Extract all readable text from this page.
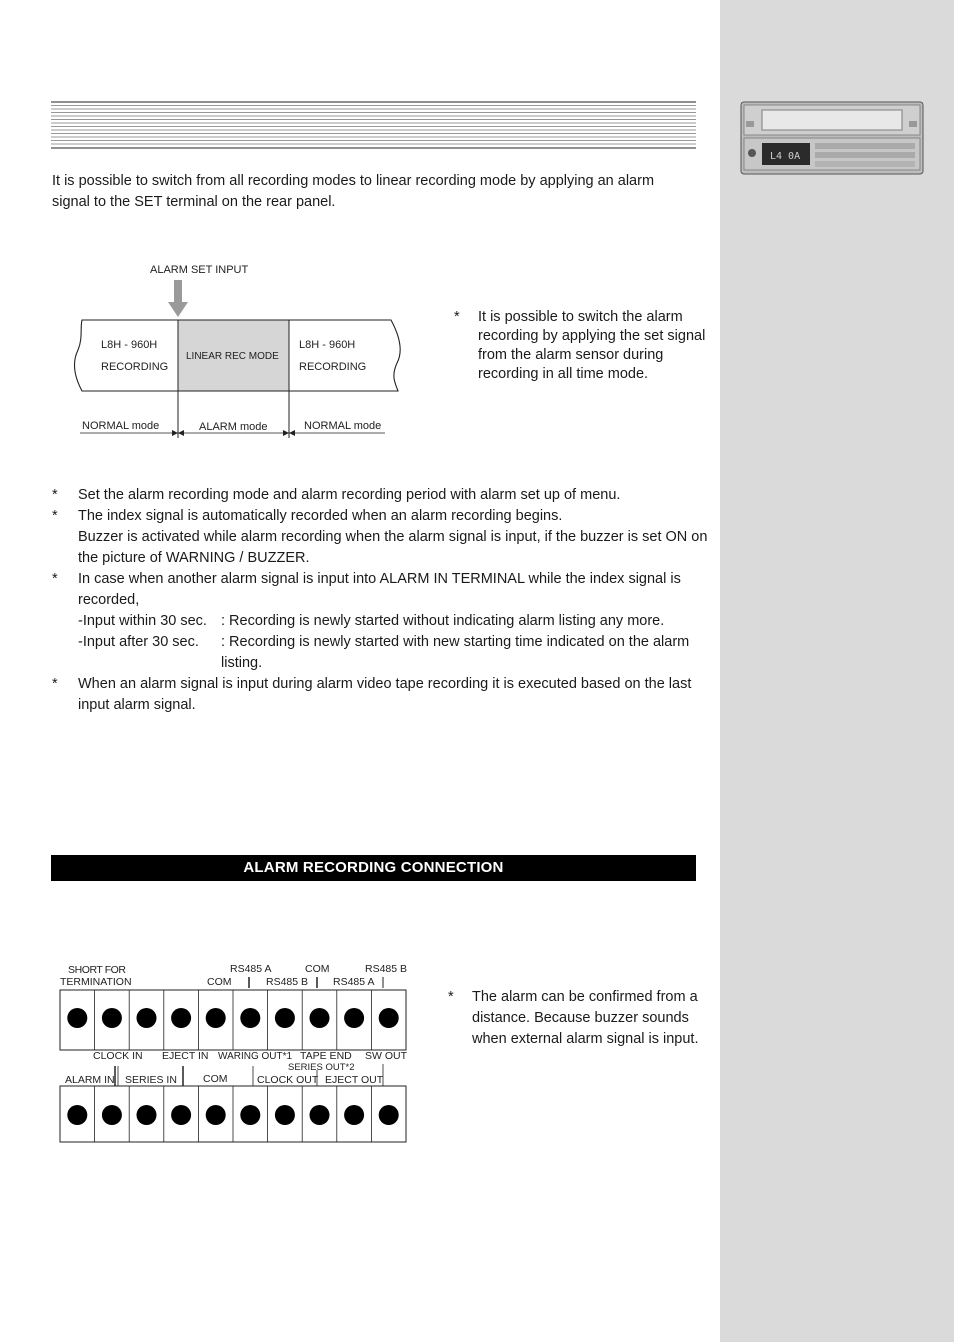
L4 0A

It is possible to switch from all recording modes to linear recording mode by applying an alarm signal to the SET terminal on the rear panel.

ALARM SET INPUT
L8H - 960H
RECORDING
LINEAR REC MODE
L8H - 960H
RECORDING
NORMAL mode	ALARM mode	NORMAL mode
* It is possible to switch the alarm recording by applying the set signal from the alarm sensor during recording in all time mode.
* Set the alarm recording mode and alarm recording period with alarm set up of menu.
* The index signal is automatically recorded when an alarm recording begins.
Buzzer is activated while alarm recording when the alarm signal is input, if the buzzer is set ON on the picture of WARNING / BUZZER.
* In case when another alarm signal is input into ALARM IN TERMINAL while the index signal is recorded,
-Input within 30 sec. : Recording is newly started without indicating alarm listing any more.
-Input after 30 sec.	: Recording is newly started with new starting time indicated on the alarm listing.
* When an alarm signal is input during alarm video tape recording it is executed based on the last input alarm signal.
ALARM RECORDING CONNECTION
SHORT FOR
TERMINATION	COM
RS485 A
RS485 B
COM
RS485 A
RS485 B
CLOCK IN EJECT IN WARING OUT*1 TAPE END SW OUT
SERIES OUT*2
ALARM IN SERIES IN COM	CLOCK OUT EJECT OUT
* The alarm can be confirmed from a distance. Because buzzer sounds when external alarm signal is input.
